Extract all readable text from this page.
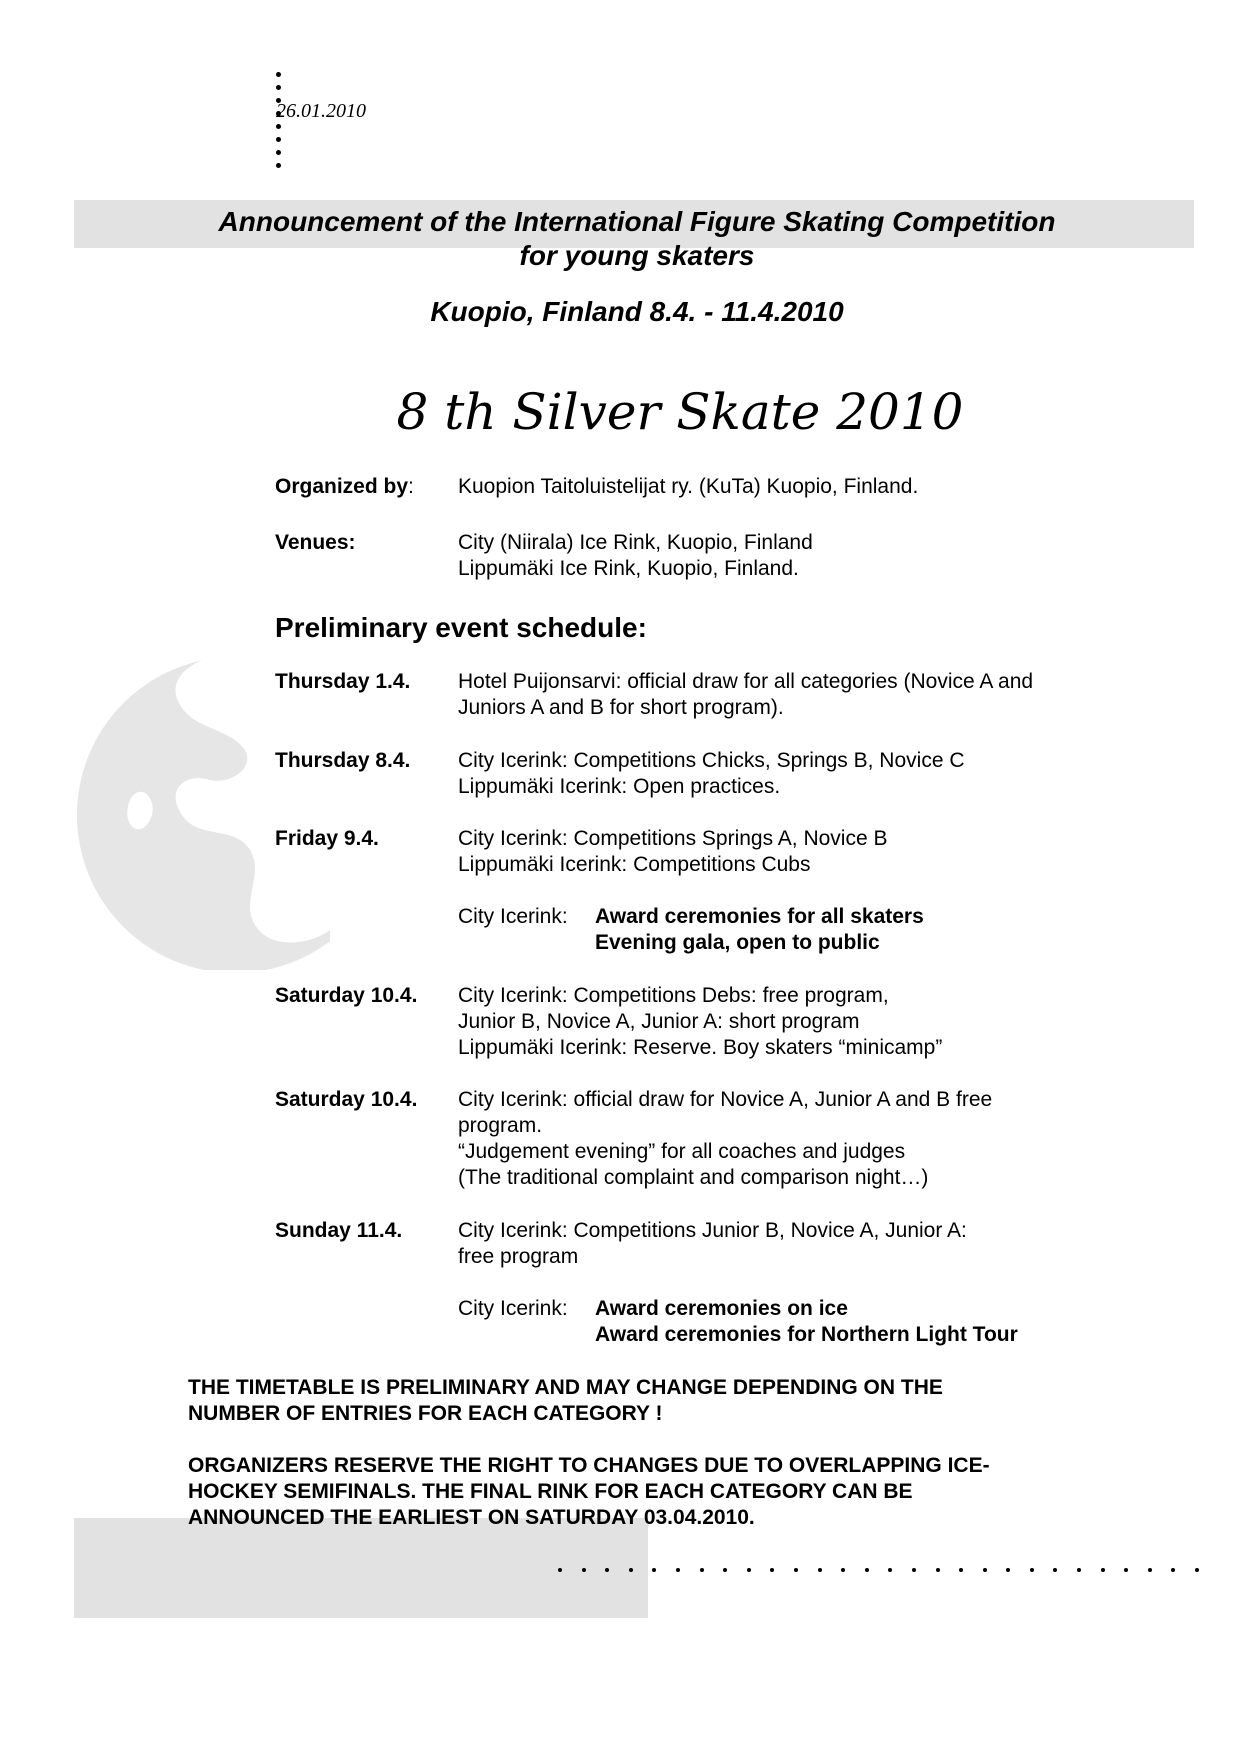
26.01.2010
Announcement of the International Figure Skating Competition
for young skaters
Kuopio, Finland 8.4. - 11.4.2010
8 th Silver Skate 2010
Organized by: Kuopion Taitoluistelijat ry. (KuTa) Kuopio, Finland.
Venues:	City (Niirala) Ice Rink, Kuopio, Finland
Lippumäki Ice Rink, Kuopio, Finland.
Preliminary event schedule:
Thursday 1.4. Hotel Puijonsarvi: official draw for all categories (Novice A and
Juniors A and B for short program).
Thursday 8.4. City Icerink: Competitions Chicks, Springs B, Novice C
Lippumäki Icerink: Open practices.
Friday 9.4.	City Icerink: Competitions Springs A, Novice B
Lippumäki Icerink: Competitions Cubs
City Icerink: Award ceremonies for all skaters
Evening gala, open to public
Saturday 10.4. City Icerink: Competitions Debs: free program,
Junior B, Novice A, Junior A: short program
Lippumäki Icerink: Reserve. Boy skaters “minicamp”
Saturday 10.4. City Icerink: official draw for Novice A, Junior A and B free
program.
“Judgement evening” for all coaches and judges
(The traditional complaint and comparison night…)
Sunday 11.4.	City Icerink: Competitions Junior B, Novice A, Junior A:
free program
City Icerink: Award ceremonies on ice
Award ceremonies for Northern Light Tour
THE TIMETABLE IS PRELIMINARY AND MAY CHANGE DEPENDING ON THE
NUMBER OF ENTRIES FOR EACH CATEGORY !
ORGANIZERS RESERVE THE RIGHT TO CHANGES DUE TO OVERLAPPING ICE-
HOCKEY SEMIFINALS. THE FINAL RINK FOR EACH CATEGORY CAN BE
ANNOUNCED THE EARLIEST ON SATURDAY 03.04.2010.
